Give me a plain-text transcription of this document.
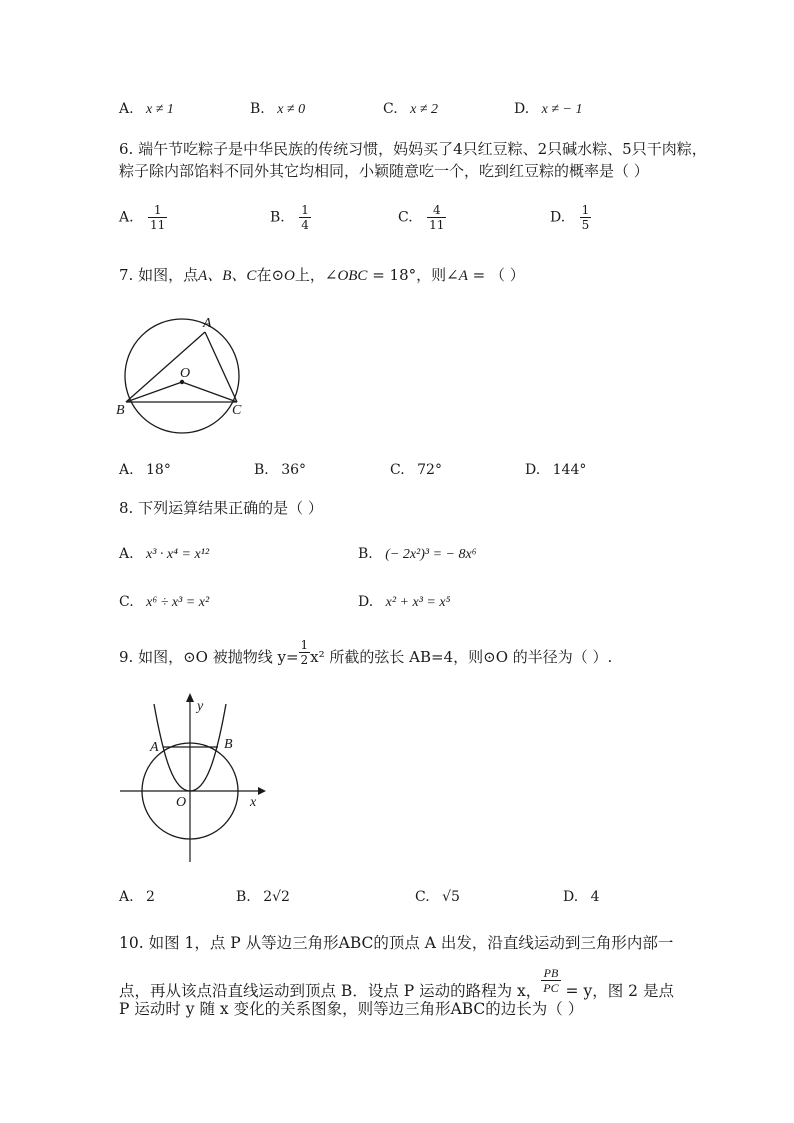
A. x ≠ 1	B. x ≠ 0	C. x ≠ 2	D. x ≠ − 1
6. 端午节吃粽子是中华民族的传统习惯，妈妈买了4只红豆粽、2只碱水粽、5只干肉粽，
粽子除内部馅料不同外其它均相同，小颖随意吃一个，吃到红豆粽的概率是（ ）
A. $\frac{1}{11}$	B. $\frac{1}{4}$	C. $\frac{4}{11}$	D. $\frac{1}{5}$
7. 如图，点A、B、C在⊙O上，∠OBC = 18°，则∠A = （ ）
A
O
B	C
A. 18°	B. 36°	C. 72°	D. 144°
8. 下列运算结果正确的是（ ）
A. x³ · x⁴ = x¹²	B. (− 2x²)³ = − 8x⁶
C. x⁶ ÷ x³ = x²	D. x² + x³ = x⁵
9. 如图，⊙O 被抛物线 $y= \frac{1}{2} x^2$ 所截的弦长 AB=4，则⊙O 的半径为（ ）.
A	B
O	x
y
A. 2	B. 2√2	C. √5	D. 4
10. 如图 1，点 P 从等边三角形ABC的顶点 A 出发，沿直线运动到三角形内部一
点，再从该点沿直线运动到顶点 B．设点 P 运动的路程为 x， $\frac{PB}{PC} = y$，图 2 是点
P 运动时 y 随 x 变化的关系图象，则等边三角形ABC的边长为（ ）
